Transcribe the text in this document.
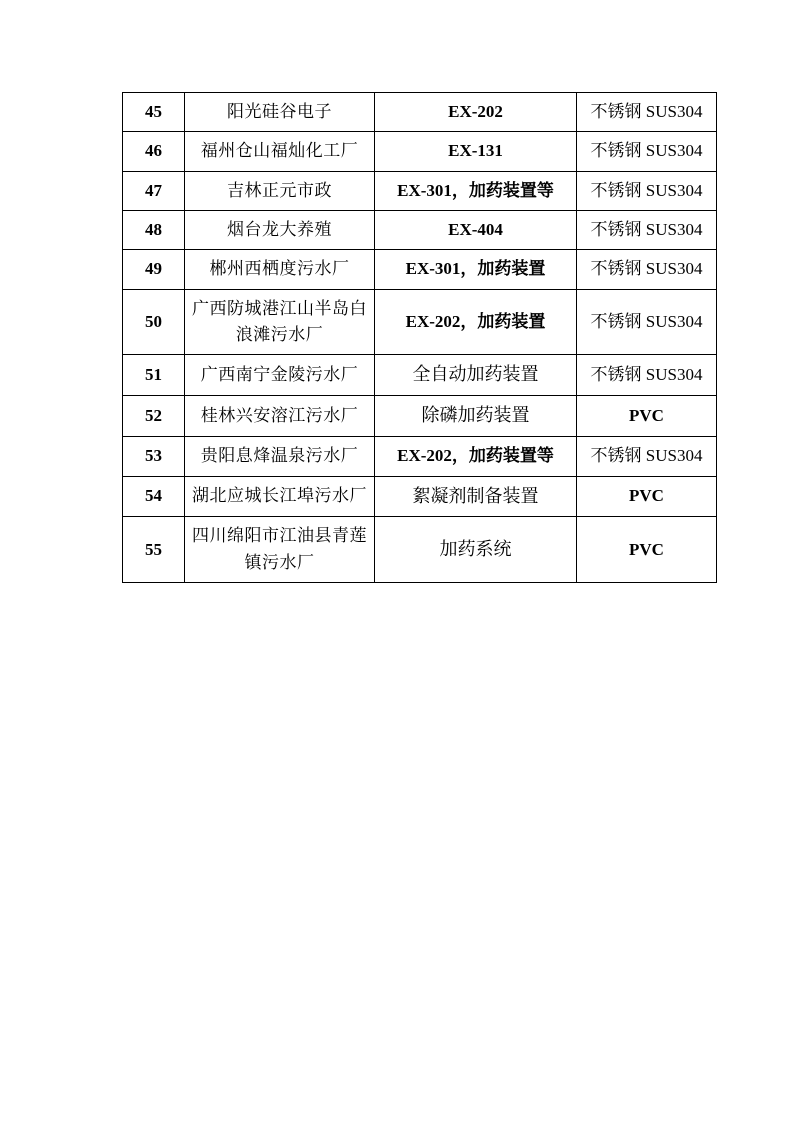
45	阳光硅谷电子	EX-202	不锈钢 SUS304
46	福州仓山福灿化工厂	EX-131	不锈钢 SUS304
47	吉林正元市政	EX-301，加药装置等	不锈钢 SUS304
48	烟台龙大养殖	EX-404	不锈钢 SUS304
49	郴州西栖度污水厂	EX-301，加药装置	不锈钢 SUS304
50	广西防城港江山半岛白浪滩污水厂	EX-202，加药装置	不锈钢 SUS304
51	广西南宁金陵污水厂	全自动加药装置	不锈钢 SUS304
52	桂林兴安溶江污水厂	除磷加药装置	PVC
53	贵阳息烽温泉污水厂	EX-202，加药装置等	不锈钢 SUS304
54	湖北应城长江埠污水厂	絮凝剂制备装置	PVC
55	四川绵阳市江油县青莲镇污水厂	加药系统	PVC
